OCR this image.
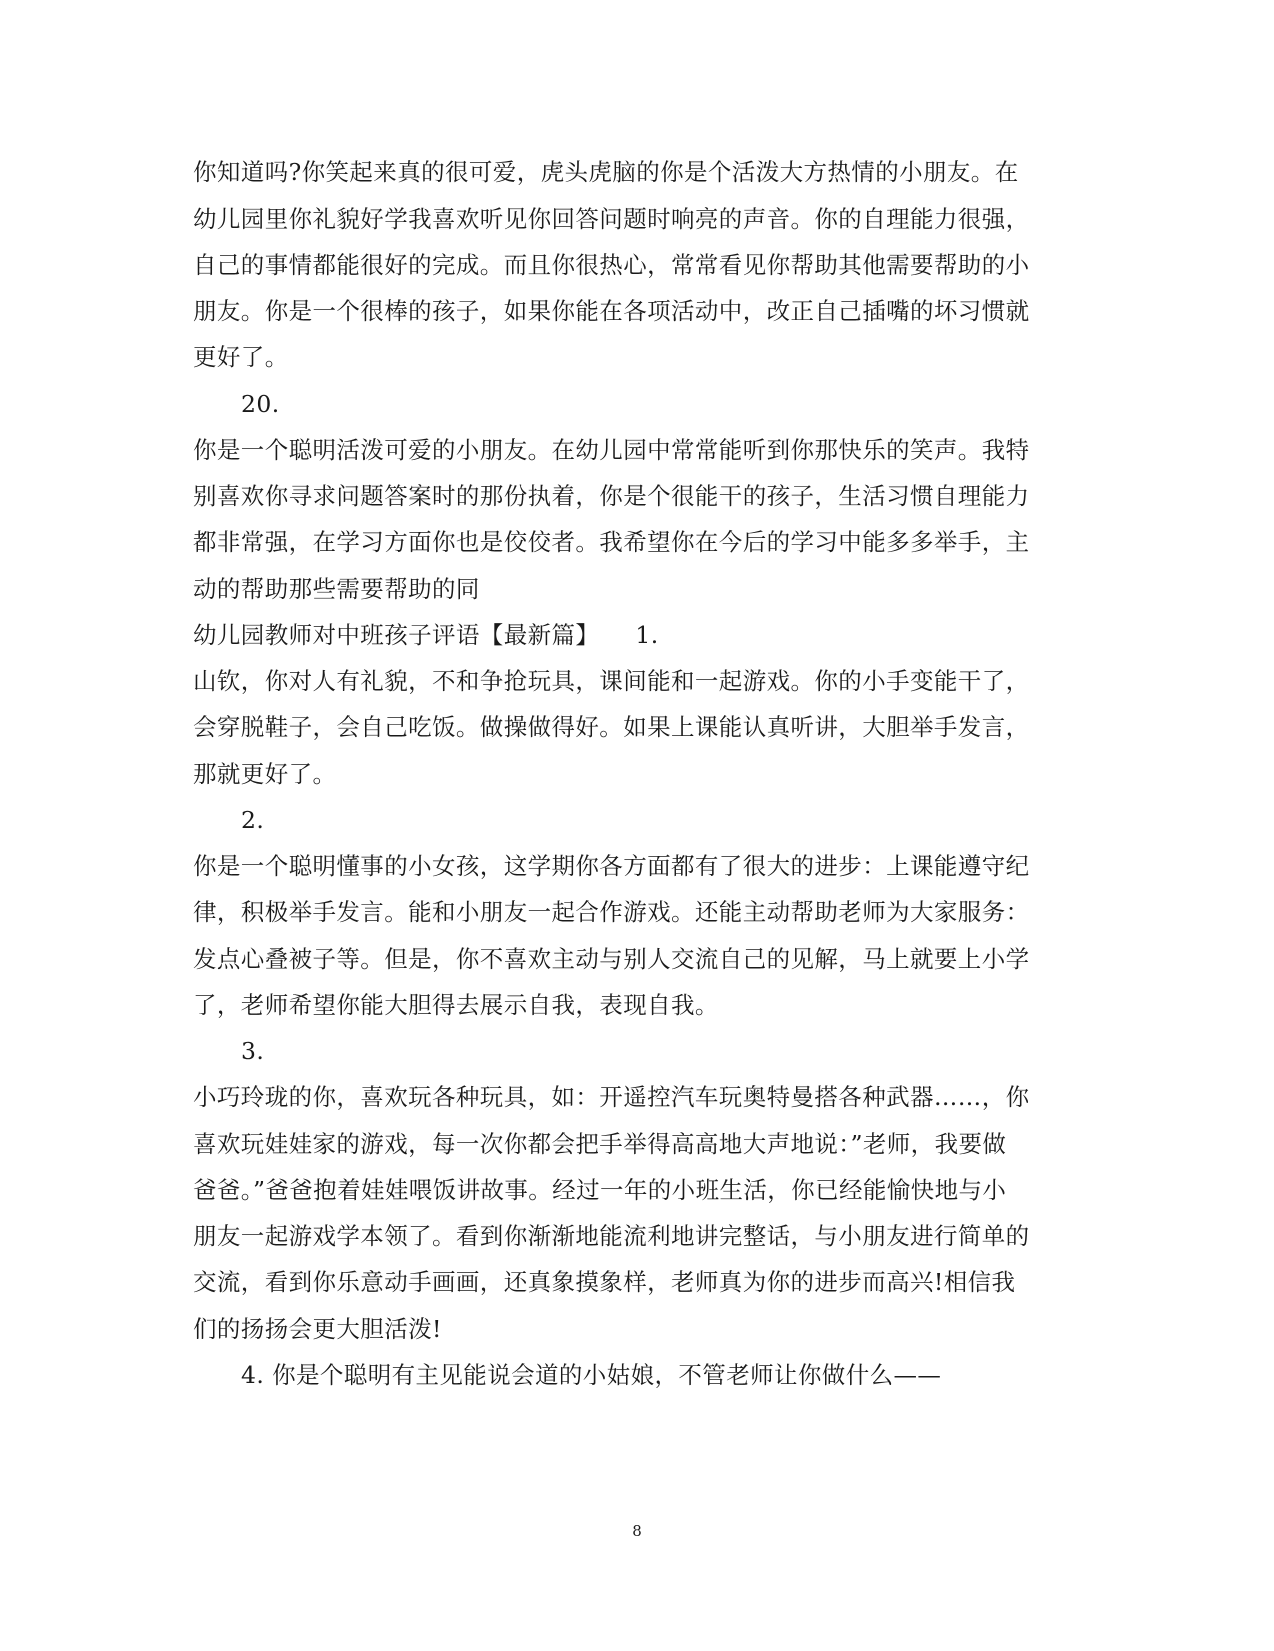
你知道吗?你笑起来真的很可爱，虎头虎脑的你是个活泼大方热情的小朋友。在
幼儿园里你礼貌好学我喜欢听见你回答问题时响亮的声音。你的自理能力很强，
自己的事情都能很好的完成。而且你很热心，常常看见你帮助其他需要帮助的小
朋友。你是一个很棒的孩子，如果你能在各项活动中，改正自己插嘴的坏习惯就
更好了。
20.
你是一个聪明活泼可爱的小朋友。在幼儿园中常常能听到你那快乐的笑声。我特
别喜欢你寻求问题答案时的那份执着，你是个很能干的孩子，生活习惯自理能力
都非常强，在学习方面你也是佼佼者。我希望你在今后的学习中能多多举手，主
动的帮助那些需要帮助的同
幼儿园教师对中班孩子评语【最新篇】　　1.
山钦，你对人有礼貌，不和争抢玩具，课间能和一起游戏。你的小手变能干了，
会穿脱鞋子，会自己吃饭。做操做得好。如果上课能认真听讲，大胆举手发言，
那就更好了。
2.
你是一个聪明懂事的小女孩，这学期你各方面都有了很大的进步：上课能遵守纪
律，积极举手发言。能和小朋友一起合作游戏。还能主动帮助老师为大家服务：
发点心叠被子等。但是，你不喜欢主动与别人交流自己的见解，马上就要上小学
了，老师希望你能大胆得去展示自我，表现自我。
3.
小巧玲珑的你，喜欢玩各种玩具，如：开遥控汽车玩奥特曼搭各种武器……，你
喜欢玩娃娃家的游戏，每一次你都会把手举得高高地大声地说：”老师，我要做
爸爸。”爸爸抱着娃娃喂饭讲故事。经过一年的小班生活，你已经能愉快地与小
朋友一起游戏学本领了。看到你渐渐地能流利地讲完整话，与小朋友进行简单的
交流，看到你乐意动手画画，还真象摸象样，老师真为你的进步而高兴!相信我
们的扬扬会更大胆活泼!
4. 你是个聪明有主见能说会道的小姑娘，不管老师让你做什么——
8
